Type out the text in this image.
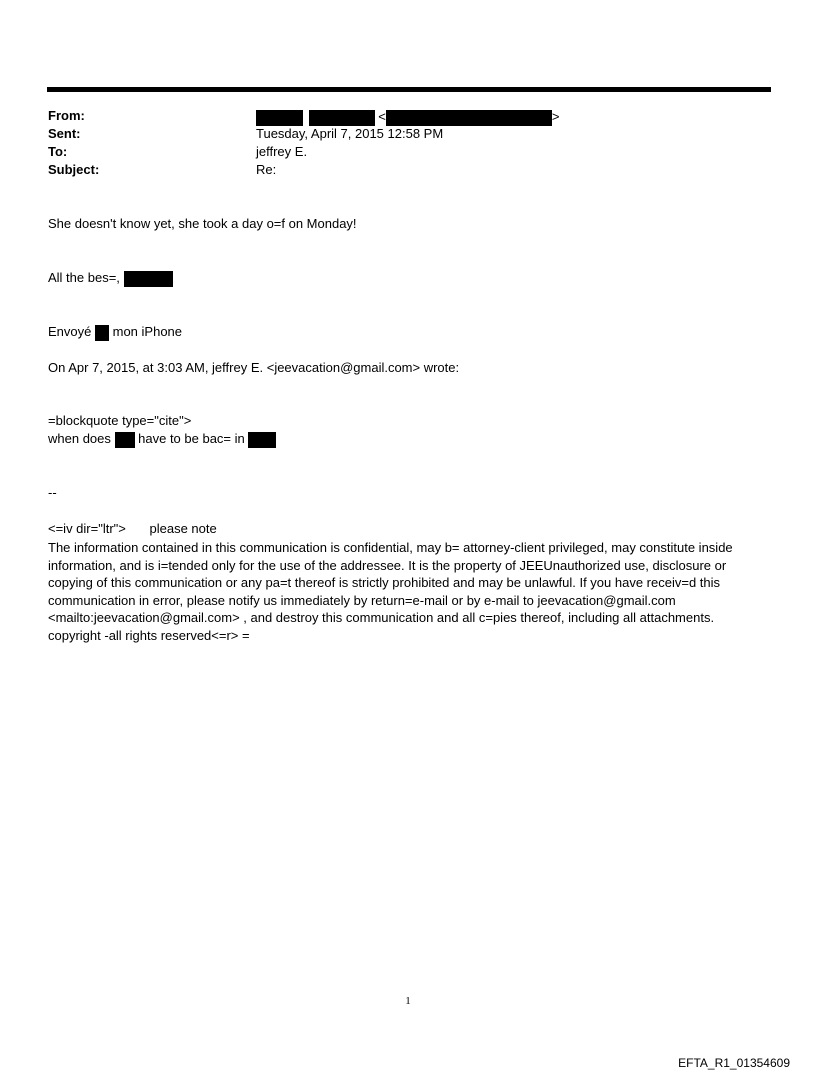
From:	<	>
Sent:	Tuesday, April 7, 2015 12:58 PM
To:	jeffrey E.
Subject:	Re:
She doesn't know yet, she took a day o=f on Monday!
All the bes=,
Envoyé mon iPhone
On Apr 7, 2015, at 3:03 AM, jeffrey E. <jeevacation@gmail.com> wrote:
=blockquote type="cite">
when does have to be bac= in
--
<=iv dir="ltr"> please note
The information contained in this communication is confidential, may b= attorney-client privileged, may constitute inside information, and is i=tended only for the use of the addressee. It is the property of JEEUnauthorized use, disclosure or copying of this communication or any pa=t thereof is strictly prohibited and may be unlawful. If you have receiv=d this communication in error, please notify us immediately by return=e-mail or by e-mail to jeevacation@gmail.com <mailto:jeevacation@gmail.com> , and destroy this communication and all c=pies thereof, including all attachments. copyright -all rights reserved<=r> =
1
EFTA_R1_01354609
